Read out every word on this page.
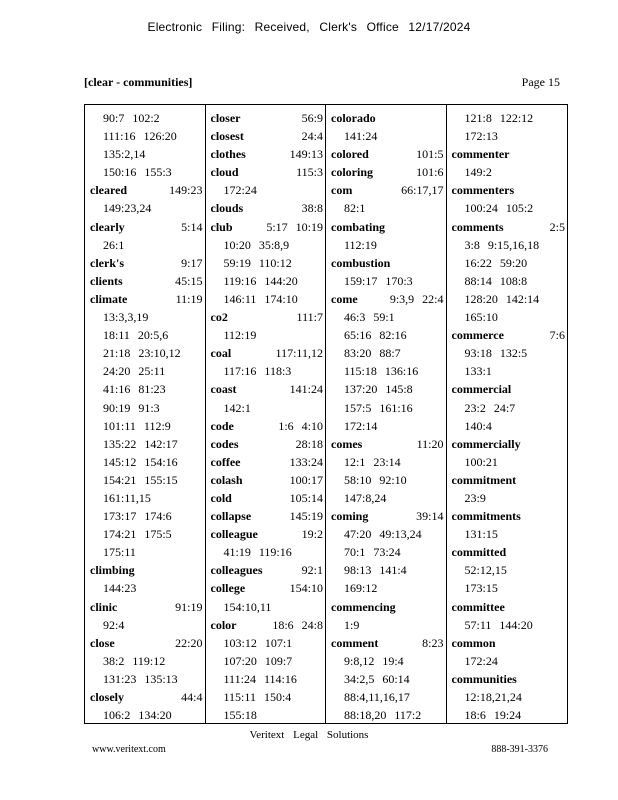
Electronic Filing: Received, Clerk's Office 12/17/2024
[clear - communities]	Page 15
90:7 102:2
111:16 126:20
135:2,14
150:16 155:3
cleared	149:23
149:23,24
clearly	5:14
26:1
clerk's	9:17
clients	45:15
climate	11:19
13:3,3,19
18:11 20:5,6
21:18 23:10,12
24:20 25:11
41:16 81:23
90:19 91:3
101:11 112:9
135:22 142:17
145:12 154:16
154:21 155:15
161:11,15
173:17 174:6
174:21 175:5
175:11
climbing
144:23
clinic	91:19
92:4
close	22:20
38:2 119:12
131:23 135:13
closely	44:4
106:2 134:20
closer	56:9
closest	24:4
clothes	149:13
cloud	115:3
172:24
clouds	38:8
club	5:17 10:19
10:20 35:8,9
59:19 110:12
119:16 144:20
146:11 174:10
co2	111:7
112:19
coal	117:11,12
117:16 118:3
coast	141:24
142:1
code	1:6 4:10
codes	28:18
coffee	133:24
colash	100:17
cold	105:14
collapse	145:19
colleague	19:2
41:19 119:16
colleagues	92:1
college	154:10
154:10,11
color	18:6 24:8
103:12 107:1
107:20 109:7
111:24 114:16
115:11 150:4
155:18
colorado
141:24
colored	101:5
coloring	101:6
com	66:17,17
82:1
combating
112:19
combustion
159:17 170:3
come	9:3,9 22:4
46:3 59:1
65:16 82:16
83:20 88:7
115:18 136:16
137:20 145:8
157:5 161:16
172:14
comes	11:20
12:1 23:14
58:10 92:10
147:8,24
coming	39:14
47:20 49:13,24
70:1 73:24
98:13 141:4
169:12
commencing
1:9
comment	8:23
9:8,12 19:4
34:2,5 60:14
88:4,11,16,17
88:18,20 117:2
121:8 122:12
172:13
commenter
149:2
commenters
100:24 105:2
comments	2:5
3:8 9:15,16,18
16:22 59:20
88:14 108:8
128:20 142:14
165:10
commerce	7:6
93:18 132:5
133:1
commercial
23:2 24:7
140:4
commercially
100:21
commitment
23:9
commitments
131:15
committed
52:12,15
173:15
committee
57:11 144:20
common
172:24
communities
12:18,21,24
18:6 19:24
Veritext Legal Solutions
www.veritext.com	888-391-3376
